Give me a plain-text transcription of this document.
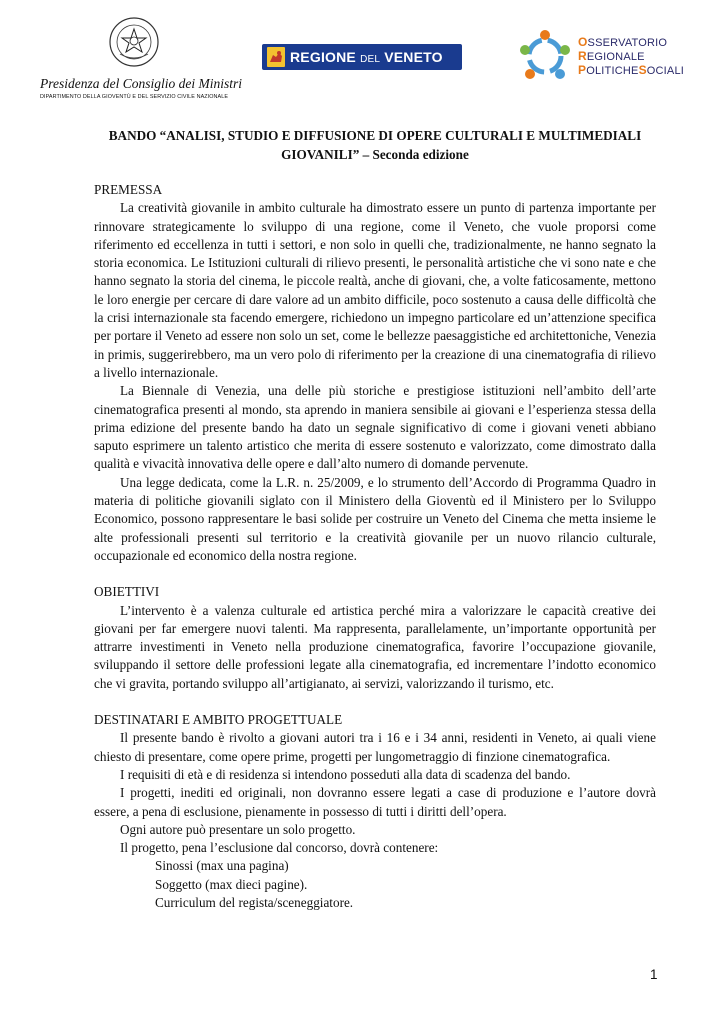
Presidenza del Consiglio dei Ministri
DIPARTIMENTO DELLA GIOVENTÙ E DEL SERVIZIO CIVILE NAZIONALE
REGIONE DEL VENETO
OSSERVATORIO
REGIONALE
POLITICHESOCIALI
BANDO “ANALISI, STUDIO E DIFFUSIONE DI OPERE CULTURALI E MULTIMEDIALI
GIOVANILI” – Seconda edizione

PREMESSA

La creatività giovanile in ambito culturale ha dimostrato essere un punto di partenza importante per rinnovare strategicamente lo sviluppo di una regione, come il Veneto, che vuole proporsi come riferimento ed eccellenza in tutti i settori, e non solo in quelli che, tradizionalmente, ne hanno segnato la storia economica. Le Istituzioni culturali di rilievo presenti, le personalità artistiche che vi sono nate e che hanno segnato la storia del cinema, le piccole realtà, anche di giovani, che, a volte faticosamente, mettono le loro energie per cercare di dare valore ad un ambito difficile, poco sostenuto a causa delle difficoltà che la crisi internazionale sta facendo emergere, richiedono un impegno particolare ed un’attenzione specifica per portare il Veneto ad essere non solo un set, come le bellezze paesaggistiche ed architettoniche, Venezia in primis, suggerirebbero, ma un vero polo di riferimento per la creazione di una cinematografia di rilievo a livello internazionale.

La Biennale di Venezia, una delle più storiche e prestigiose istituzioni nell’ambito dell’arte cinematografica presenti al mondo, sta aprendo in maniera sensibile ai giovani e l’esperienza stessa della prima edizione del presente bando ha dato un segnale significativo di come i giovani veneti abbiano saputo esprimere un talento artistico che merita di essere sostenuto e valorizzato, come dimostrato dalla qualità e vivacità innovativa delle opere e dall’alto numero di domande pervenute.

Una legge dedicata, come la L.R. n. 25/2009, e lo strumento dell’Accordo di Programma Quadro in materia di politiche giovanili siglato con il Ministero della Gioventù ed il Ministero per lo Sviluppo Economico, possono rappresentare le basi solide per costruire un Veneto del Cinema che metta insieme le alte professionali presenti sul territorio e la creatività giovanile per un nuovo rilancio culturale, occupazionale ed economico della nostra regione.

OBIETTIVI

L’intervento è a valenza culturale ed artistica perché mira a valorizzare le capacità creative dei giovani per far emergere nuovi talenti. Ma rappresenta, parallelamente, un’importante opportunità per attrarre investimenti in Veneto nella produzione cinematografica, favorire l’occupazione giovanile, sviluppando il settore delle professioni legate alla cinematografia, ed incrementare l’indotto economico che vi gravita, portando sviluppo all’artigianato, ai servizi, valorizzando il turismo, etc.

DESTINATARI E AMBITO PROGETTUALE

Il presente bando è rivolto a giovani autori tra i 16 e i 34 anni, residenti in Veneto, ai quali viene chiesto di presentare, come opere prime, progetti per lungometraggio di finzione cinematografica.

I requisiti di età e di residenza si intendono posseduti alla data di scadenza del bando.

I progetti, inediti ed originali, non dovranno essere legati a case di produzione e l’autore dovrà essere, a pena di esclusione, pienamente in possesso di tutti i diritti dell’opera.

Ogni autore può presentare un solo progetto.

Il progetto, pena l’esclusione dal concorso, dovrà contenere:

Sinossi (max una pagina)
Soggetto (max dieci pagine).
Curriculum del regista/sceneggiatore.
1
